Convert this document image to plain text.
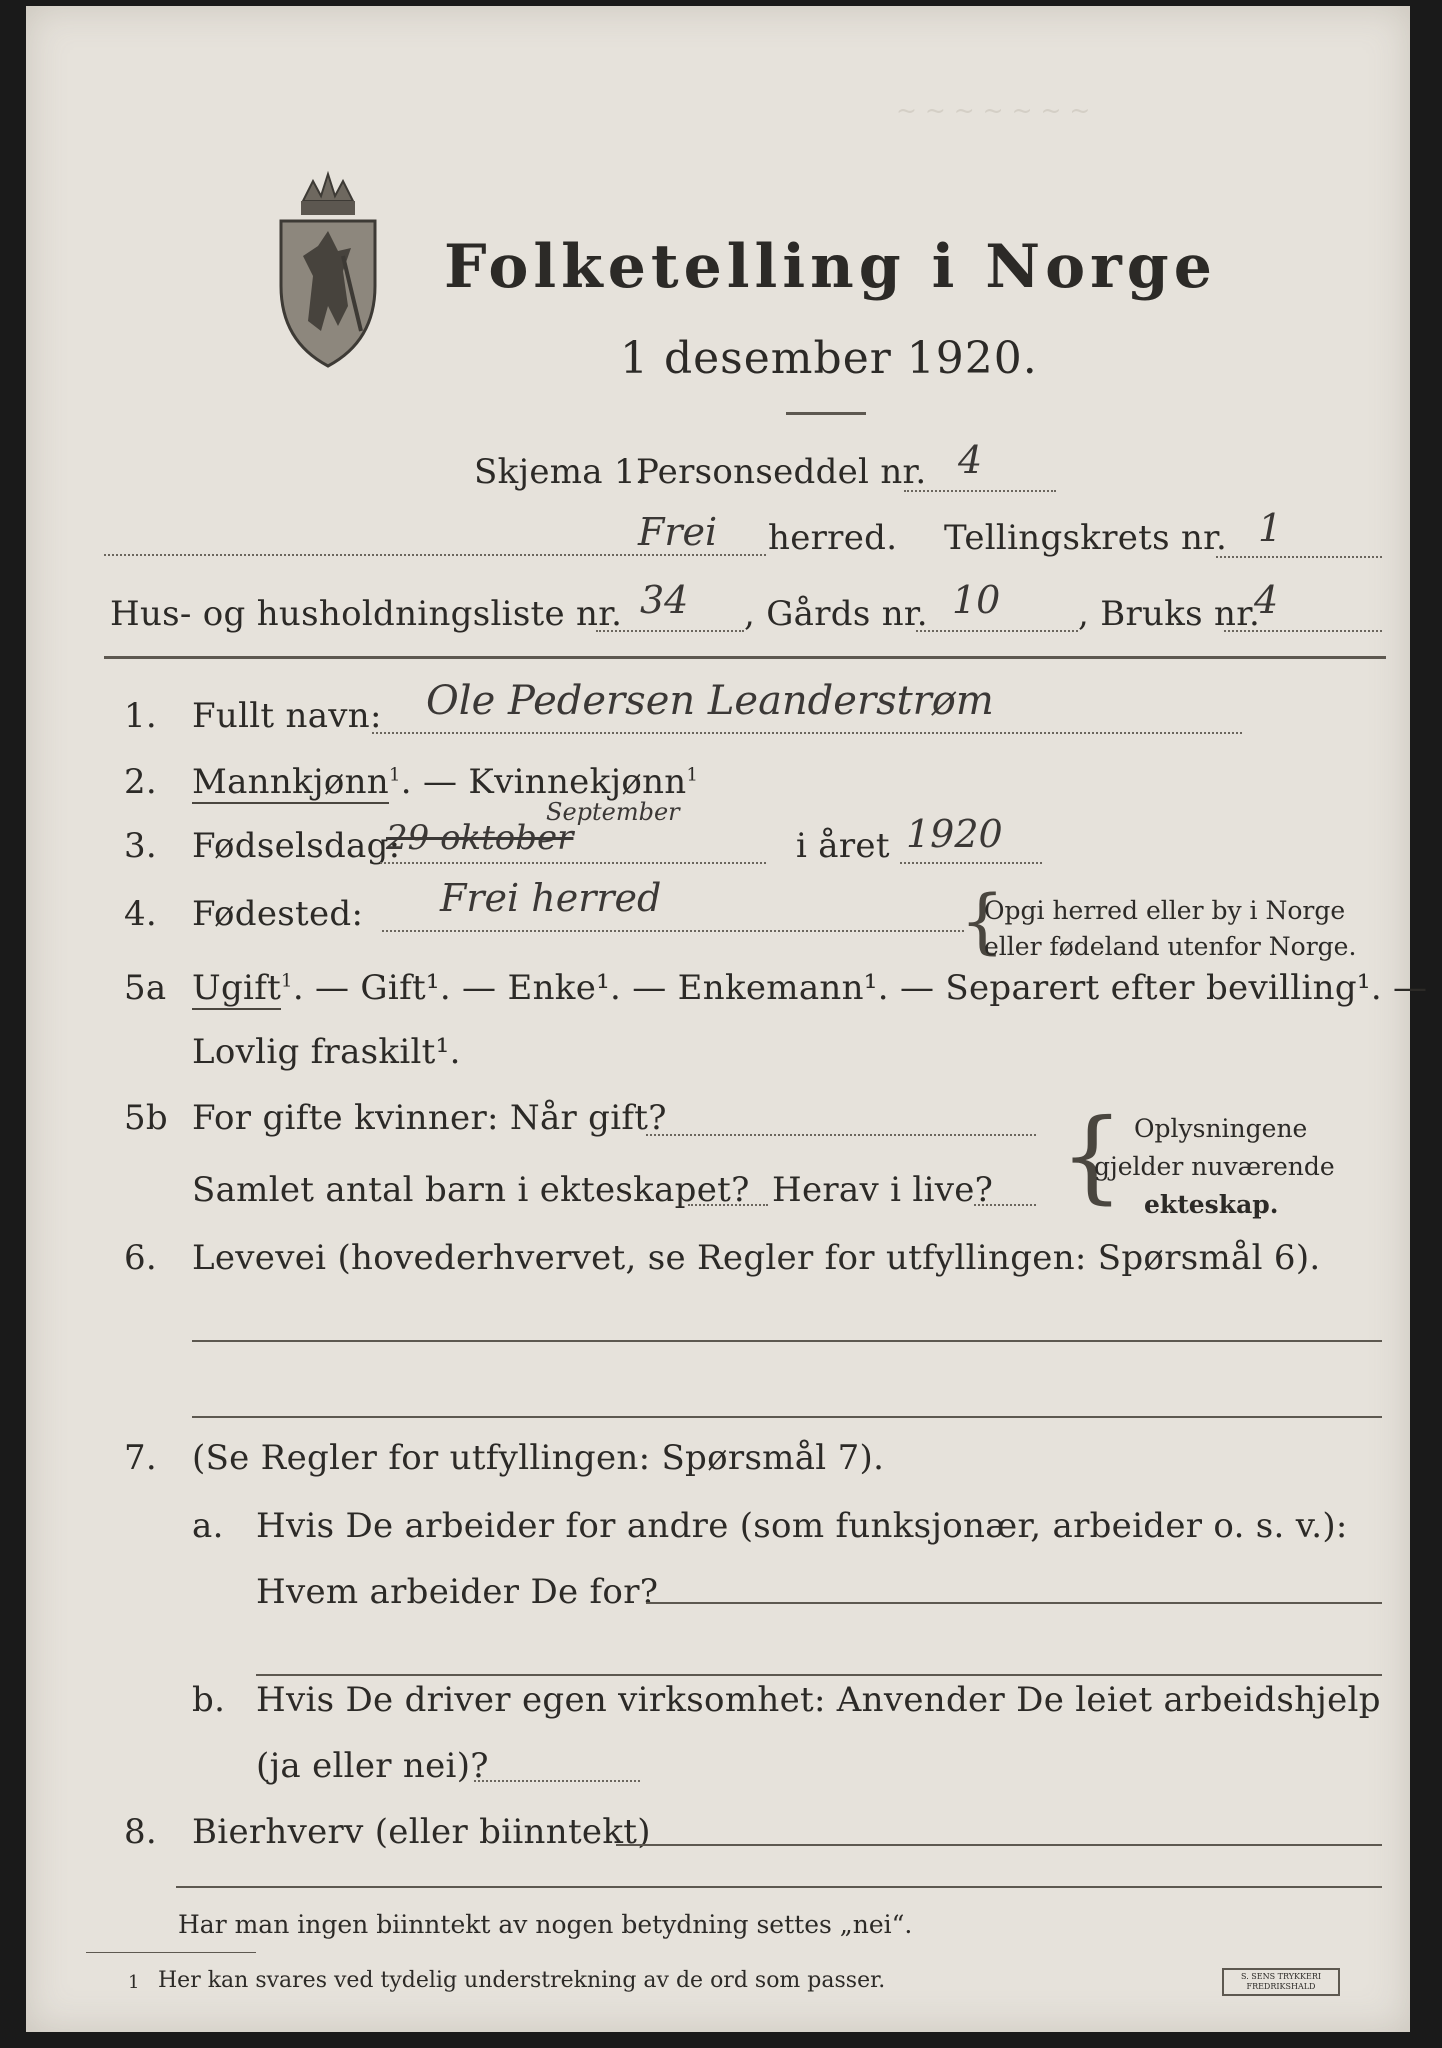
~ ~ ~ ~ ~ ~ ~
Folketelling i Norge
1 desember 1920.
Skjema 1.
Personseddel nr. 4
Frei herred. Tellingskrets nr. 1
Hus- og husholdningsliste nr. 34 , Gårds nr. 10 , Bruks nr.
4
1. Fullt navn: Ole Pedersen Leanderstrøm
2. Mannkjønn$^1$. — Kvinnekjønn$^1$
3. Fødselsdag:
29 oktober
September
i året 1920
4. Fødested: Frei herred	{
Opgi herred eller by i Norge
eller fødeland utenfor Norge.
5a Ugift$^1$. — Gift¹. — Enke¹. — Enkemann¹. — Separert efter bevilling¹. —
Lovlig fraskilt¹.
5b For gifte kvinner: Når gift?
Samlet antal barn i ekteskapet? Herav i live? { Oplysningene
gjelder nuværende
ekteskap.
6. Levevei (hovederhvervet, se Regler for utfyllingen: Spørsmål 6).
7. (Se Regler for utfyllingen: Spørsmål 7).
a. Hvis De arbeider for andre (som funksjonær, arbeider o. s. v.):
Hvem arbeider De for?
b. Hvis De driver egen virksomhet: Anvender De leiet arbeidshjelp
(ja eller nei)?
8. Bierhverv (eller biinntekt)
Har man ingen biinntekt av nogen betydning settes „nei“.
1 Her kan svares ved tydelig understrekning av de ord som passer.	S. SENS TRYKKERI FREDRIKSHALD
